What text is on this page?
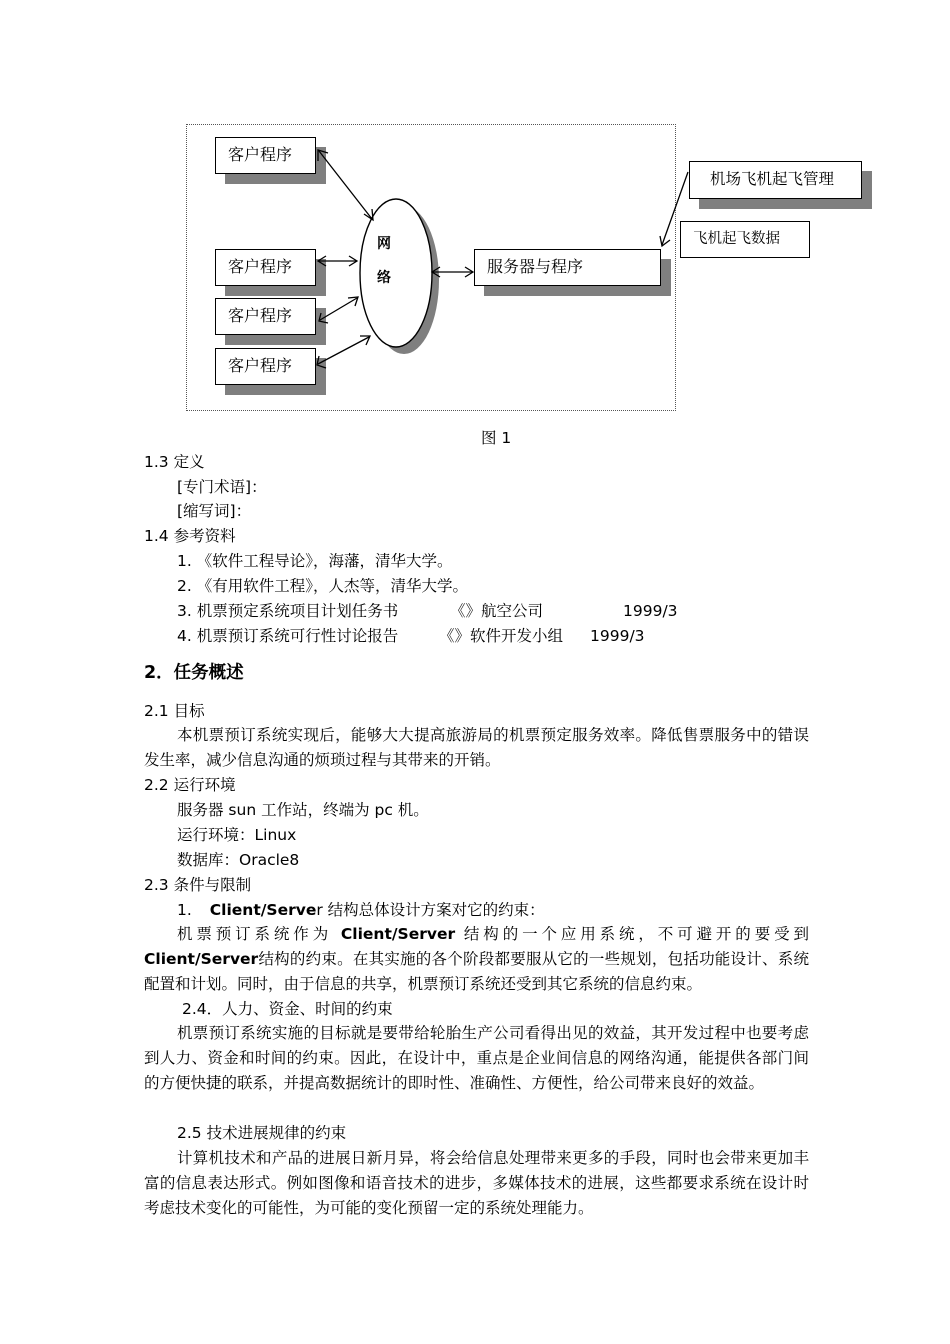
客户程序
客户程序
客户程序
客户程序
服务器与程序
机场飞机起飞管理
飞机起飞数据
网
络
图 1
1.3 定义
[专门术语]：
[缩写词]：
1.4 参考资料
1. 《软件工程导论》，海藩，清华大学。
2. 《有用软件工程》，人杰等，清华大学。
3. 机票预定系统项目计划任务书	《》航空公司	1999/3
4. 机票预订系统可行性讨论报告	《》软件开发小组 1999/3
2．任务概述
2.1 目标
本机票预订系统实现后，能够大大提高旅游局的机票预定服务效率。降低售票服务中的错误发生率，减少信息沟通的烦琐过程与其带来的开销。
2.2 运行环境
服务器 sun 工作站，终端为 pc 机。
运行环境：Linux
数据库：Oracle8
2.3 条件与限制
1. Client/Server 结构总体设计方案对它的约束：
机票预订系统作为 Client/Server 结构的一个应用系统，不可避开的要受到Client/Server结构的约束。在其实施的各个阶段都要服从它的一些规划，包括功能设计、系统配置和计划。同时，由于信息的共享，机票预订系统还受到其它系统的信息约束。
2.4．人力、资金、时间的约束
机票预订系统实施的目标就是要带给轮胎生产公司看得出见的效益，其开发过程中也要考虑到人力、资金和时间的约束。因此，在设计中，重点是企业间信息的网络沟通，能提供各部门间的方便快捷的联系，并提高数据统计的即时性、准确性、方便性，给公司带来良好的效益。
2.5 技术进展规律的约束
计算机技术和产品的进展日新月异，将会给信息处理带来更多的手段，同时也会带来更加丰富的信息表达形式。例如图像和语音技术的进步，多媒体技术的进展，这些都要求系统在设计时考虑技术变化的可能性，为可能的变化预留一定的系统处理能力。
